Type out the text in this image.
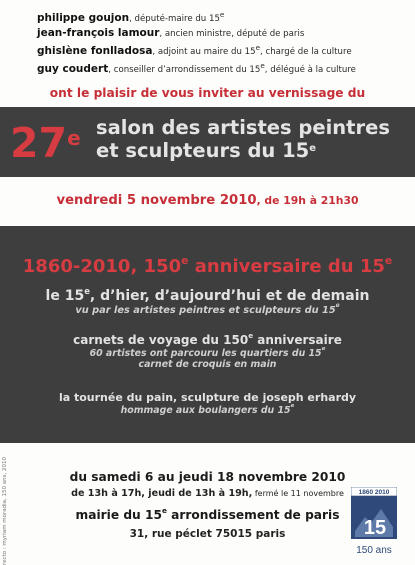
philippe goujon, député-maire du 15e
jean-françois lamour, ancien ministre, député de paris
ghislène fonlladosa, adjoint au maire du 15e, chargé de la culture
guy coudert, conseiller d’arrondissement du 15e, délégué à la culture
ont le plaisir de vous inviter au vernissage du
27e salon des artistes peintres
et sculpteurs du 15e
vendredi 5 novembre 2010, de 19h à 21h30
1860-2010, 150e anniversaire du 15e
le 15e, d’hier, d’aujourd’hui et de demain
vu par les artistes peintres et sculpteurs du 15e
carnets de voyage du 150e anniversaire
60 artistes ont parcouru les quartiers du 15e
carnet de croquis en main
la tournée du pain, sculpture de joseph erhardy
hommage aux boulangers du 15e
du samedi 6 au jeudi 18 novembre 2010
de 13h à 17h, jeudi de 13h à 19h, fermé le 11 novembre
mairie du 15e arrondissement de paris
31, rue péclet 75015 paris
recto : myriam moradia, 150 ans, 2010	1860 2010
15
150 ans
